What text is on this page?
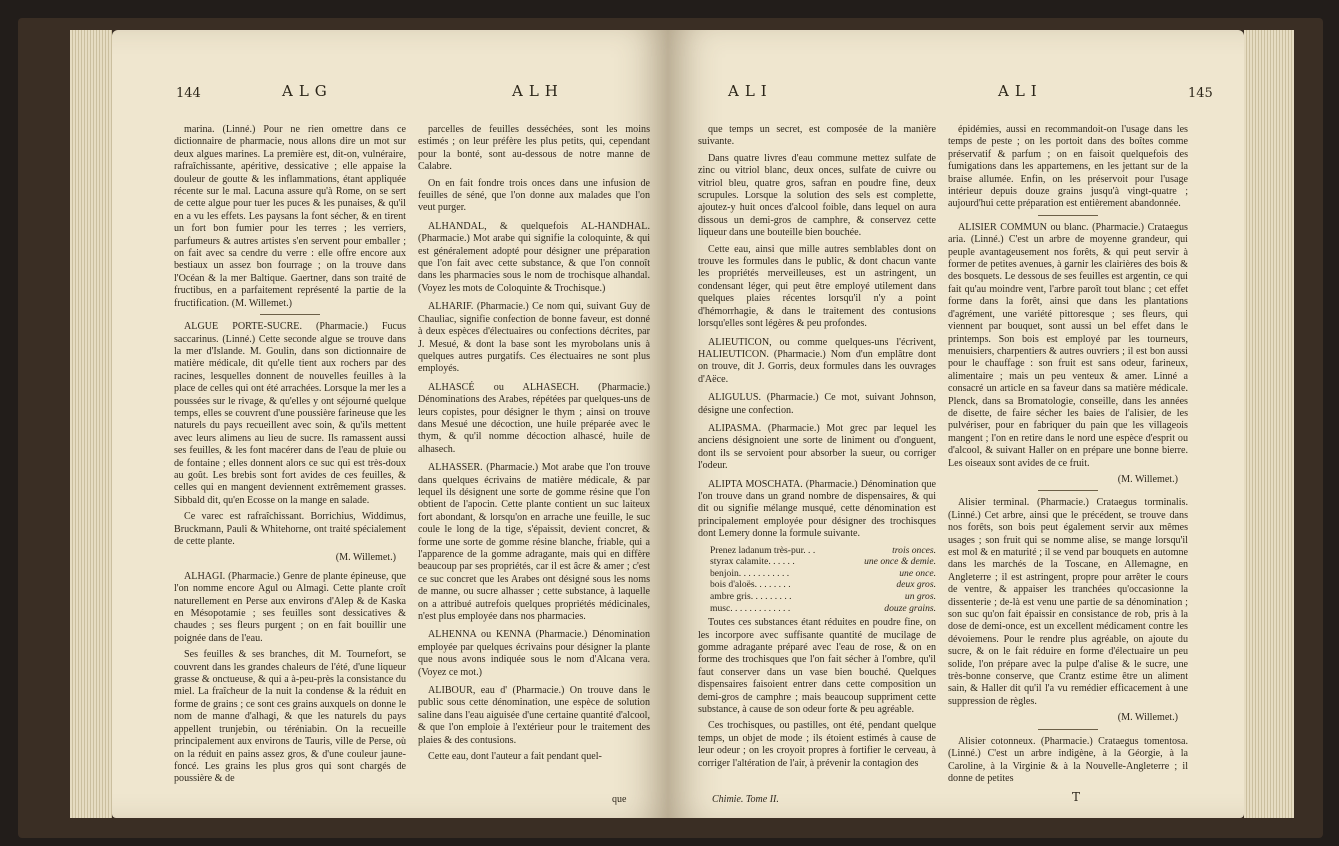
144	ALG	ALH

marina. (Linné.) Pour ne rien omettre dans ce dictionnaire de pharmacie, nous allons dire un mot sur deux algues marines. La première est, dit-on, vulnéraire, rafraîchissante, apéritive, dessicative ; elle appaise la douleur de goutte & les inflammations, étant appliquée récente sur le mal. Lacuna assure qu'à Rome, on se sert de cette algue pour tuer les puces & les punaises, & qu'il en a vu les effets. Les paysans la font sécher, & en tirent un fort bon fumier pour les terres ; les verriers, parfumeurs & autres artistes s'en servent pour emballer ; on fait avec sa cendre du verre : elle offre encore aux bestiaux un assez bon fourrage ; on la trouve dans l'Océan & la mer Baltique. Gaertner, dans son traité de fructibus, en a parfaitement représenté la partie de la fructification. (M. Willemet.)

ALGUE PORTE-SUCRE. (Pharmacie.) Fucus saccarinus. (Linné.) Cette seconde algue se trouve dans la mer d'Islande. M. Goulin, dans son dictionnaire de matière médicale, dit qu'elle tient aux rochers par des racines, lesquelles donnent de nouvelles feuilles à la place de celles qui ont été arrachées. Lorsque la mer les a poussées sur le rivage, & qu'elles y ont séjourné quelque temps, elles se couvrent d'une poussière farineuse que les naturels du pays recueillent avec soin, & qu'ils mettent avec leurs alimens au lieu de sucre. Ils ramassent aussi ses feuilles, & les font macérer dans de l'eau de pluie ou de fontaine ; elles donnent alors ce suc qui est très-doux au goût. Les brebis sont fort avides de ces feuilles, & celles qui en mangent deviennent extrêmement grasses. Sibbald dit, qu'en Ecosse on la mange en salade.

Ce varec est rafraîchissant. Borrichius, Widdimus, Bruckmann, Pauli & Whitehorne, ont traité spécialement de cette plante.

(M. Willemet.)

ALHAGI. (Pharmacie.) Genre de plante épineuse, que l'on nomme encore Agul ou Almagi. Cette plante croît naturellement en Perse aux environs d'Alep & de Kaska en Mésopotamie ; ses feuilles sont dessicatives & chaudes ; ses fleurs purgent ; on en fait bouillir une poignée dans de l'eau.

Ses feuilles & ses branches, dit M. Tournefort, se couvrent dans les grandes chaleurs de l'été, d'une liqueur grasse & onctueuse, & qui a à-peu-près la consistance du miel. La fraîcheur de la nuit la condense & la réduit en forme de grains ; ce sont ces grains auxquels on donne le nom de manne d'alhagi, & que les naturels du pays appellent trunjebin, ou téréniabin. On la recueille principalement aux environs de Tauris, ville de Perse, où on la réduit en pains assez gros, & d'une couleur jaune-foncé. Les grains les plus gros qui sont chargés de poussière & de

parcelles de feuilles desséchées, sont les moins estimés ; on leur préfère les plus petits, qui, cependant pour la bonté, sont au-dessous de notre manne de Calabre.

On en fait fondre trois onces dans une infusion de feuilles de séné, que l'on donne aux malades que l'on veut purger.

ALHANDAL, & quelquefois AL-HANDHAL. (Pharmacie.) Mot arabe qui signifie la coloquinte, & qui est généralement adopté pour désigner une préparation que l'on fait avec cette substance, & que l'on connoît dans les pharmacies sous le nom de trochisque alhandal. (Voyez les mots de Coloquinte & Trochisque.)

ALHARIF. (Pharmacie.) Ce nom qui, suivant Guy de Chauliac, signifie confection de bonne faveur, est donné à deux espèces d'électuaires ou confections décrites, par J. Mesué, & dont la base sont les myrobolans unis à quelques autres purgatifs. Ces électuaires ne sont plus employés.

ALHASCÉ ou ALHASECH. (Pharmacie.) Dénominations des Arabes, répétées par quelques-uns de leurs copistes, pour désigner le thym ; ainsi on trouve dans Mesué une décoction, une huile préparée avec le thym, & qu'il nomme décoction alhascé, huile de alhasech.

ALHASSER. (Pharmacie.) Mot arabe que l'on trouve dans quelques écrivains de matière médicale, & par lequel ils désignent une sorte de gomme résine que l'on obtient de l'apocin. Cette plante contient un suc laiteux fort abondant, & lorsqu'on en arrache une feuille, le suc coule le long de la tige, s'épaissit, devient concret, & forme une sorte de gomme résine blanche, friable, qui a l'apparence de la gomme adragante, mais qui en diffère beaucoup par ses propriétés, car il est âcre & amer ; c'est ce suc concret que les Arabes ont désigné sous les noms de manne, ou sucre alhasser ; cette substance, à laquelle on a attribué autrefois quelques propriétés médicinales, n'est plus employée dans nos pharmacies.

ALHENNA ou KENNA (Pharmacie.) Dénomination employée par quelques écrivains pour désigner la plante que nous avons indiquée sous le nom d'Alcana vera. (Voyez ce mot.)

ALIBOUR, eau d' (Pharmacie.) On trouve dans le public sous cette dénomination, une espèce de solution saline dans l'eau aiguisée d'une certaine quantité d'alcool, & que l'on emploie à l'extérieur pour le traitement des plaies & des contusions.

Cette eau, dont l'auteur a fait pendant quel-

que
ALI	ALI	145

que temps un secret, est composée de la manière suivante.

Dans quatre livres d'eau commune mettez sulfate de zinc ou vitriol blanc, deux onces, sulfate de cuivre ou vitriol bleu, quatre gros, safran en poudre fine, deux scrupules. Lorsque la solution des sels est complette, ajoutez-y huit onces d'alcool foible, dans lequel on aura dissous un demi-gros de camphre, & conservez cette liqueur dans une bouteille bien bouchée.

Cette eau, ainsi que mille autres semblables dont on trouve les formules dans le public, & dont chacun vante les propriétés merveilleuses, est un astringent, un condensant léger, qui peut être employé utilement dans quelques plaies récentes lorsqu'il n'y a point d'hémorrhagie, & dans le traitement des contusions lorsqu'elles sont légères & peu profondes.

ALIEUTICON, ou comme quelques-uns l'écrivent, HALIEUTICON. (Pharmacie.) Nom d'un emplâtre dont on trouve, dit J. Gorris, deux formules dans les ouvrages d'Aëce.

ALIGULUS. (Pharmacie.) Ce mot, suivant Johnson, désigne une confection.

ALIPASMA. (Pharmacie.) Mot grec par lequel les anciens désignoient une sorte de liniment ou d'onguent, dont ils se servoient pour absorber la sueur, ou corriger l'odeur.

ALIPTA MOSCHATA. (Pharmacie.) Dénomination que l'on trouve dans un grand nombre de dispensaires, & qui dit ou signifie mélange musqué, cette dénomination est principalement employée pour désigner des trochisques dont Lemery donne la formule suivante.

Prenez ladanum très-pur. . .	trois onces.
styrax calamite. . . . . .	une once & demie.
benjoin. . . . . . . . . . .	une once.
bois d'aloës. . . . . . . .	deux gros.
ambre gris. . . . . . . . .	un gros.
musc. . . . . . . . . . . . .	douze grains.

Toutes ces substances étant réduites en poudre fine, on les incorpore avec suffisante quantité de mucilage de gomme adragante préparé avec l'eau de rose, & on en forme des trochisques que l'on fait sécher à l'ombre, qu'il faut conserver dans un vase bien bouché. Quelques dispensaires faisoient entrer dans cette composition un demi-gros de camphre ; mais beaucoup suppriment cette substance, à cause de son odeur forte & peu agréable.

Ces trochisques, ou pastilles, ont été, pendant quelque temps, un objet de mode ; ils étoient estimés à cause de leur odeur ; on les croyoit propres à fortifier le cerveau, à corriger l'altération de l'air, à prévenir la contagion des

épidémies, aussi en recommandoit-on l'usage dans les temps de peste ; on les portoit dans des boîtes comme préservatif & parfum ; on en faisoit quelquefois des fumigations dans les appartemens, en les jettant sur de la braise allumée. Enfin, on les préservoit pour l'usage intérieur depuis douze grains jusqu'à vingt-quatre ; aujourd'hui cette préparation est entièrement abandonnée.

ALISIER COMMUN ou blanc. (Pharmacie.) Crataegus aria. (Linné.) C'est un arbre de moyenne grandeur, qui peuple avantageusement nos forêts, & qui peut servir à former de petites avenues, à garnir les clairières des bois & des bosquets. Le dessous de ses feuilles est argentin, ce qui fait qu'au moindre vent, l'arbre paroît tout blanc ; cet effet forme dans la forêt, ainsi que dans les plantations d'agrément, une variété pittoresque ; ses fleurs, qui viennent par bouquet, sont aussi un bel effet dans le printemps. Son bois est employé par les tourneurs, menuisiers, charpentiers & autres ouvriers ; il est bon aussi pour le chauffage : son fruit est sans odeur, farineux, alimentaire ; mais un peu venteux & amer. Linné a consacré un article en sa faveur dans sa matière médicale. Plenck, dans sa Bromatologie, conseille, dans les années de disette, de faire sécher les baies de l'alisier, de les pulvériser, pour en fabriquer du pain que les villageois mangent ; l'on en retire dans le nord une espèce d'esprit ou d'alcool, & suivant Haller on en prépare une bonne bierre. Les oiseaux sont avides de ce fruit.

(M. Willemet.)

Alisier terminal. (Pharmacie.) Crataegus torminalis. (Linné.) Cet arbre, ainsi que le précédent, se trouve dans nos forêts, son bois peut également servir aux mêmes usages ; son fruit qui se nomme alise, se mange lorsqu'il est mol & en maturité ; il se vend par bouquets en automne dans les marchés de la Toscane, en Allemagne, en Angleterre ; il est astringent, propre pour arrêter le cours de ventre, & appaiser les tranchées qu'occasionne la dissenterie ; de-là est venu une partie de sa dénomination ; son suc qu'on fait épaissir en consistance de rob, pris à la dose de demi-once, est un excellent médicament contre les dévoiemens. Pour le rendre plus agréable, on ajoute du sucre, & on le fait réduire en forme d'électuaire un peu solide, l'on prépare avec la pulpe d'alise & le sucre, une très-bonne conserve, que Crantz estime être un aliment sain, & Haller dit qu'il l'a vu remédier efficacement à une suppression de règles.

(M. Willemet.)

Alisier cotonneux. (Pharmacie.) Crataegus tomentosa. (Linné.) C'est un arbre indigène, à la Géorgie, à la Caroline, à la Virginie & à la Nouvelle-Angleterre ; il donne de petites

Chimie. Tome II.	T
